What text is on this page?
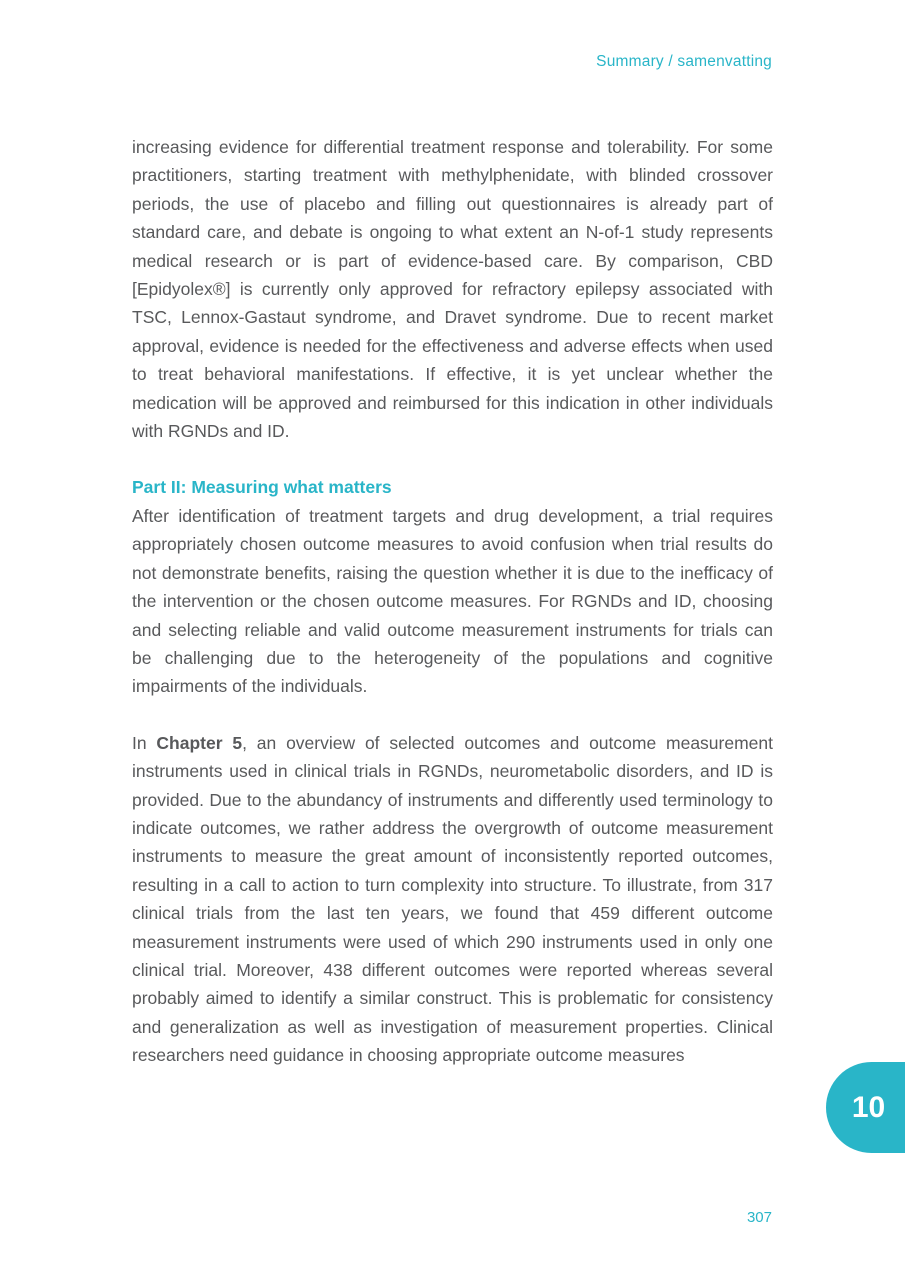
Summary / samenvatting

increasing evidence for differential treatment response and tolerability. For some practitioners, starting treatment with methylphenidate, with blinded crossover periods, the use of placebo and filling out questionnaires is already part of standard care, and debate is ongoing to what extent an N-of-1 study represents medical research or is part of evidence-based care. By comparison, CBD [Epidyolex®] is currently only approved for refractory epilepsy associated with TSC, Lennox-Gastaut syndrome, and Dravet syndrome. Due to recent market approval, evidence is needed for the effectiveness and adverse effects when used to treat behavioral manifestations. If effective, it is yet unclear whether the medication will be approved and reimbursed for this indication in other individuals with RGNDs and ID.

Part II: Measuring what matters

After identification of treatment targets and drug development, a trial requires appropriately chosen outcome measures to avoid confusion when trial results do not demonstrate benefits, raising the question whether it is due to the inefficacy of the intervention or the chosen outcome measures. For RGNDs and ID, choosing and selecting reliable and valid outcome measurement instruments for trials can be challenging due to the heterogeneity of the populations and cognitive impairments of the individuals.

In Chapter 5, an overview of selected outcomes and outcome measurement instruments used in clinical trials in RGNDs, neurometabolic disorders, and ID is provided. Due to the abundancy of instruments and differently used terminology to indicate outcomes, we rather address the overgrowth of outcome measurement instruments to measure the great amount of inconsistently reported outcomes, resulting in a call to action to turn complexity into structure. To illustrate, from 317 clinical trials from the last ten years, we found that 459 different outcome measurement instruments were used of which 290 instruments used in only one clinical trial. Moreover, 438 different outcomes were reported whereas several probably aimed to identify a similar construct. This is problematic for consistency and generalization as well as investigation of measurement properties. Clinical researchers need guidance in choosing appropriate outcome measures

10
307
